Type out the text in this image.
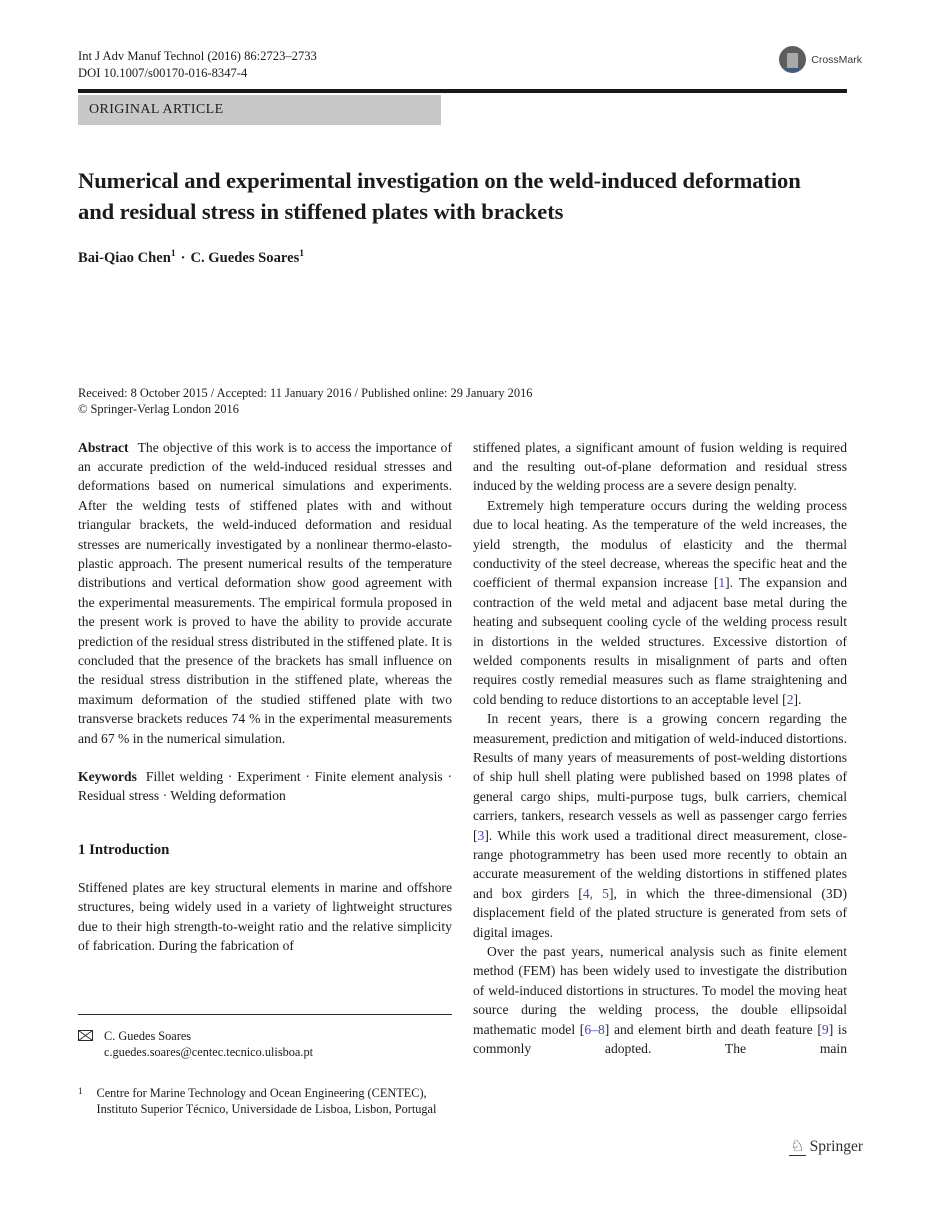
Int J Adv Manuf Technol (2016) 86:2723–2733
DOI 10.1007/s00170-016-8347-4
CrossMark
ORIGINAL ARTICLE
Numerical and experimental investigation on the weld-induced deformation and residual stress in stiffened plates with brackets
Bai-Qiao Chen$^1$ · C. Guedes Soares$^1$
Received: 8 October 2015 / Accepted: 11 January 2016 / Published online: 29 January 2016
© Springer-Verlag London 2016

Abstract The objective of this work is to access the importance of an accurate prediction of the weld-induced residual stresses and deformations based on numerical simulations and experiments. After the welding tests of stiffened plates with and without triangular brackets, the weld-induced deformation and residual stresses are numerically investigated by a nonlinear thermo-elasto-plastic approach. The present numerical results of the temperature distributions and vertical deformation show good agreement with the experimental measurements. The empirical formula proposed in the present work is proved to have the ability to provide accurate prediction of the residual stress distributed in the stiffened plate. It is concluded that the presence of the brackets has small influence on the residual stress distribution in the stiffened plate, whereas the maximum deformation of the studied stiffened plate with two transverse brackets reduces 74 % in the experimental measurements and 67 % in the numerical simulation.

Keywords Fillet welding · Experiment · Finite element analysis · Residual stress · Welding deformation

1 Introduction

Stiffened plates are key structural elements in marine and offshore structures, being widely used in a variety of lightweight structures due to their high strength-to-weight ratio and the relative simplicity of fabrication. During the fabrication of

C. Guedes Soares
c.guedes.soares@centec.tecnico.ulisboa.pt
1 Centre for Marine Technology and Ocean Engineering (CENTEC), Instituto Superior Técnico, Universidade de Lisboa, Lisbon, Portugal

stiffened plates, a significant amount of fusion welding is required and the resulting out-of-plane deformation and residual stress induced by the welding process are a severe design penalty.

Extremely high temperature occurs during the welding process due to local heating. As the temperature of the weld increases, the yield strength, the modulus of elasticity and the thermal conductivity of the steel decrease, whereas the specific heat and the coefficient of thermal expansion increase [1]. The expansion and contraction of the weld metal and adjacent base metal during the heating and subsequent cooling cycle of the welding process result in distortions in the welded structures. Excessive distortion of welded components results in misalignment of parts and often requires costly remedial measures such as flame straightening and cold bending to reduce distortions to an acceptable level [2].

In recent years, there is a growing concern regarding the measurement, prediction and mitigation of weld-induced distortions. Results of many years of measurements of post-welding distortions of ship hull shell plating were published based on 1998 plates of general cargo ships, multi-purpose tugs, bulk carriers, chemical carriers, tankers, research vessels as well as passenger cargo ferries [3]. While this work used a traditional direct measurement, close-range photogrammetry has been used more recently to obtain an accurate measurement of the welding distortions in stiffened plates and box girders [4, 5], in which the three-dimensional (3D) displacement field of the plated structure is generated from sets of digital images.

Over the past years, numerical analysis such as finite element method (FEM) has been widely used to investigate the distribution of weld-induced distortions in structures. To model the moving heat source during the welding process, the double ellipsoidal mathematic model [6–8] and element birth and death feature [9] is commonly adopted. The main

♘ Springer
